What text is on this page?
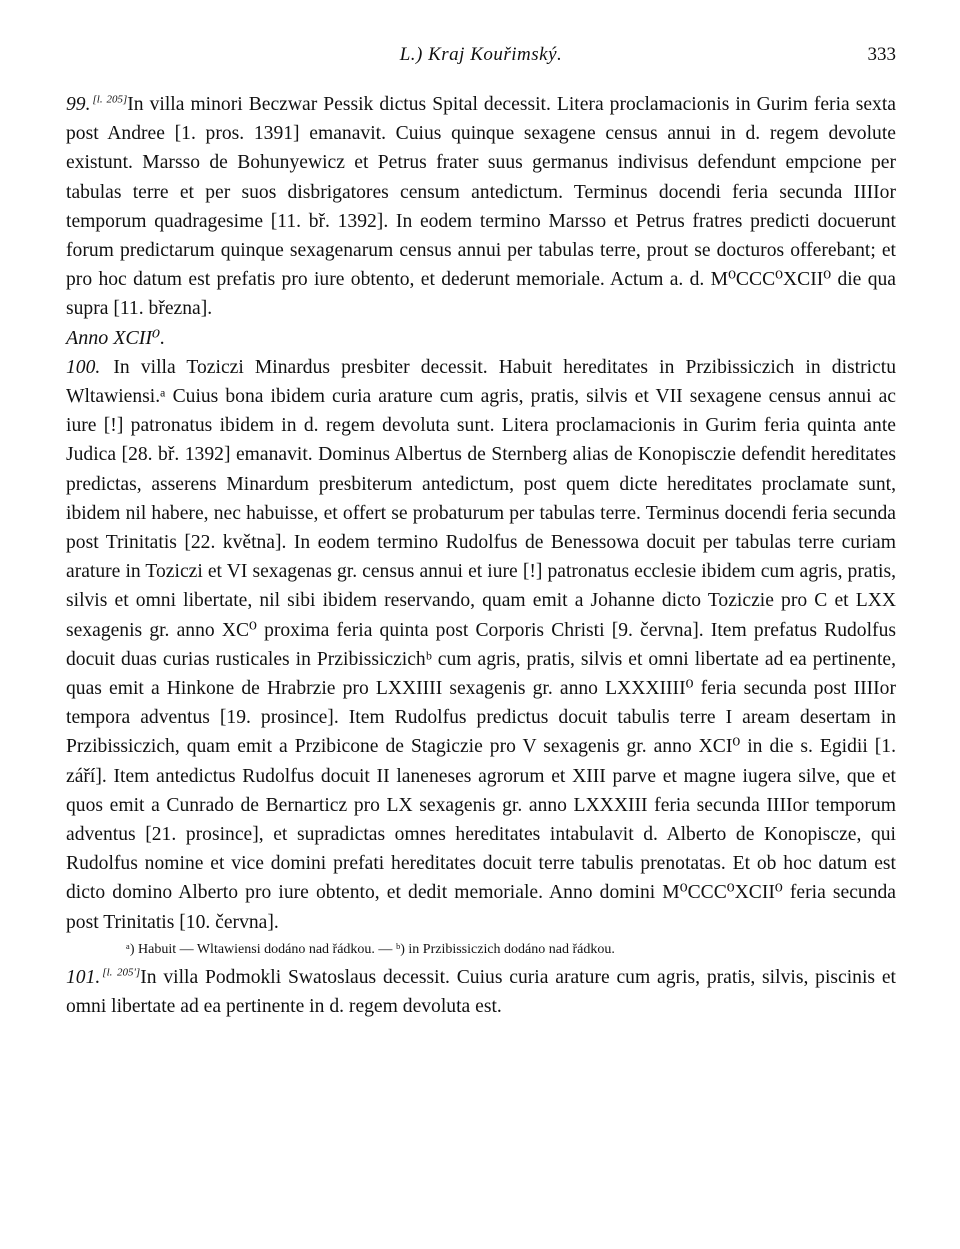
L.) Kraj Kouřimský.	333

99. [l. 205]In villa minori Beczwar Pessik dictus Spital decessit. Litera proclamacionis in Gurim feria sexta post Andree [1. pros. 1391] emanavit. Cuius quinque sexagene census annui in d. regem devolute existunt. Marsso de Bohunyewicz et Petrus frater suus germanus indivisus defendunt empcione per tabulas terre et per suos disbrigatores censum antedictum. Terminus docendi feria secunda IIIIor temporum quadragesime [11. bř. 1392]. In eodem termino Marsso et Petrus fratres predicti docuerunt forum predictarum quinque sexagenarum census annui per tabulas terre, prout se docturos offerebant; et pro hoc datum est prefatis pro iure obtento, et dederunt memoriale. Actum a. d. M⁰CCC⁰XCII⁰ die qua supra [11. března].

Anno XCII⁰.

100. In villa Toziczi Minardus presbiter decessit. Habuit hereditates in Przibissiczich in districtu Wltawiensi.ᵃ Cuius bona ibidem curia arature cum agris, pratis, silvis et VII sexagene census annui ac iure [!] patronatus ibidem in d. regem devoluta sunt. Litera proclamacionis in Gurim feria quinta ante Judica [28. bř. 1392] emanavit. Dominus Albertus de Sternberg alias de Konopisczie defendit hereditates predictas, asserens Minardum presbiterum antedictum, post quem dicte hereditates proclamate sunt, ibidem nil habere, nec habuisse, et offert se probaturum per tabulas terre. Terminus docendi feria secunda post Trinitatis [22. května]. In eodem termino Rudolfus de Benessowa docuit per tabulas terre curiam arature in Toziczi et VI sexagenas gr. census annui et iure [!] patronatus ecclesie ibidem cum agris, pratis, silvis et omni libertate, nil sibi ibidem reservando, quam emit a Johanne dicto Toziczie pro C et LXX sexagenis gr. anno XC⁰ proxima feria quinta post Corporis Christi [9. června]. Item prefatus Rudolfus docuit duas curias rusticales in Przibissiczichᵇ cum agris, pratis, silvis et omni libertate ad ea pertinente, quas emit a Hinkone de Hrabrzie pro LXXIIII sexagenis gr. anno LXXXIIII⁰ feria secunda post IIIIor tempora adventus [19. prosince]. Item Rudolfus predictus docuit tabulis terre I aream desertam in Przibissiczich, quam emit a Przibicone de Stagiczie pro V sexagenis gr. anno XCI⁰ in die s. Egidii [1. září]. Item antedictus Rudolfus docuit II laneneses agrorum et XIII parve et magne iugera silve, que et quos emit a Cunrado de Bernarticz pro LX sexagenis gr. anno LXXXIII feria secunda IIIIor temporum adventus [21. prosince], et supradictas omnes hereditates intabulavit d. Alberto de Konopiscze, qui Rudolfus nomine et vice domini prefati hereditates docuit terre tabulis prenotatas. Et ob hoc datum est dicto domino Alberto pro iure obtento, et dedit memoriale. Anno domini M⁰CCC⁰XCII⁰ feria secunda post Trinitatis [10. června].

ᵃ) Habuit — Wltawiensi dodáno nad řádkou. — ᵇ) in Przibissiczich dodáno nad řádkou.

101. [l. 205']In villa Podmokli Swatoslaus decessit. Cuius curia arature cum agris, pratis, silvis, piscinis et omni libertate ad ea pertinente in d. regem devoluta est.
